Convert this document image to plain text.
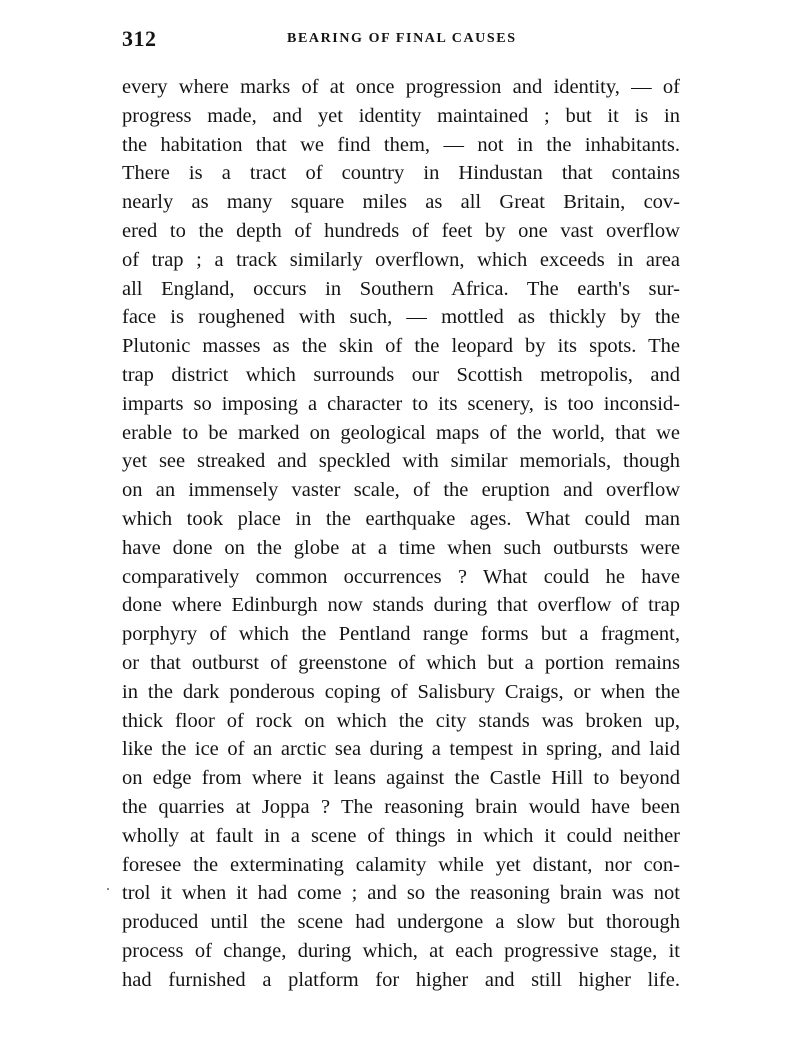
312	BEARING OF FINAL CAUSES
every where marks of at once progression and identity, — of
progress made, and yet identity maintained ; but it is in
the habitation that we find them, — not in the inhabitants.
There is a tract of country in Hindustan that contains
nearly as many square miles as all Great Britain, cov-
ered to the depth of hundreds of feet by one vast overflow
of trap ; a track similarly overflown, which exceeds in area
all England, occurs in Southern Africa. The earth's sur-
face is roughened with such, — mottled as thickly by the
Plutonic masses as the skin of the leopard by its spots. The
trap district which surrounds our Scottish metropolis, and
imparts so imposing a character to its scenery, is too inconsid-
erable to be marked on geological maps of the world, that we
yet see streaked and speckled with similar memorials, though
on an immensely vaster scale, of the eruption and overflow
which took place in the earthquake ages. What could man
have done on the globe at a time when such outbursts were
comparatively common occurrences ? What could he have
done where Edinburgh now stands during that overflow of trap
porphyry of which the Pentland range forms but a fragment,
or that outburst of greenstone of which but a portion remains
in the dark ponderous coping of Salisbury Craigs, or when the
thick floor of rock on which the city stands was broken up,
like the ice of an arctic sea during a tempest in spring, and laid
on edge from where it leans against the Castle Hill to beyond
the quarries at Joppa ? The reasoning brain would have been
wholly at fault in a scene of things in which it could neither
foresee the exterminating calamity while yet distant, nor con-
trol it when it had come ; and so the reasoning brain was not
produced until the scene had undergone a slow but thorough
process of change, during which, at each progressive stage, it
had furnished a platform for higher and still higher life.
